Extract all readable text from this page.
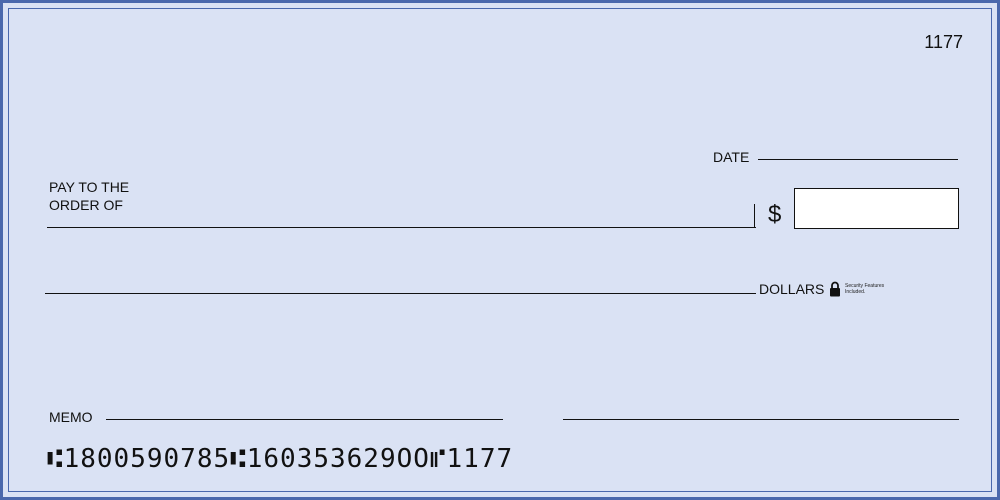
1177
DATE
PAY TO THE ORDER OF	$
DOLLARS	Security Features Included.
MEMO
⑆1800590785⑆160353629OO⑈1177
